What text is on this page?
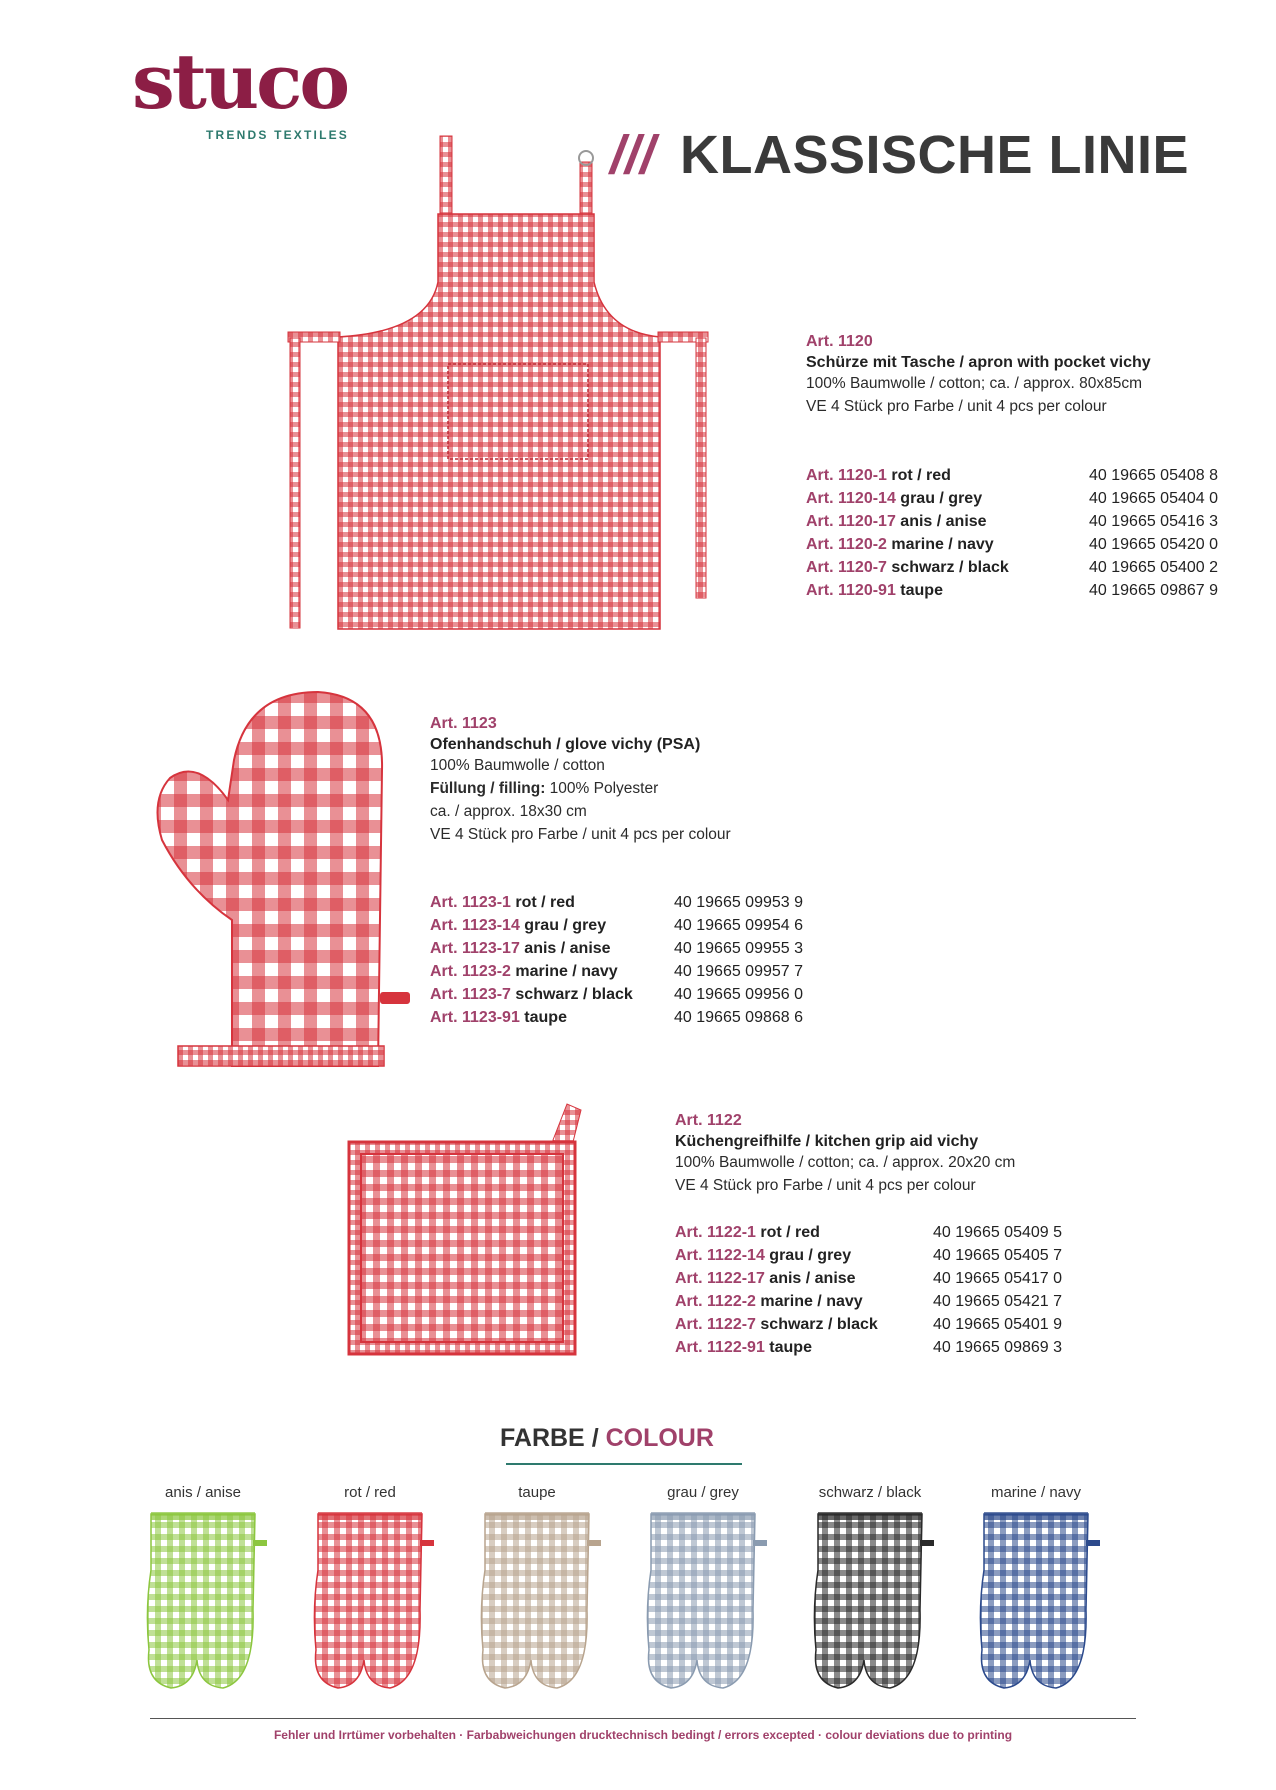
stuco
TRENDS TEXTILES	/// KLASSISCHE LINIE
Art. 1120
Schürze mit Tasche / apron with pocket vichy
100% Baumwolle / cotton; ca. / approx. 80x85cm
VE 4 Stück pro Farbe / unit 4 pcs per colour
Art. 1120-1 rot / red	40 19665 05408 8
Art. 1120-14 grau / grey	40 19665 05404 0
Art. 1120-17 anis / anise	40 19665 05416 3
Art. 1120-2 marine / navy	40 19665 05420 0
Art. 1120-7 schwarz / black	40 19665 05400 2
Art. 1120-91 taupe	40 19665 09867 9
Art. 1123
Ofenhandschuh / glove vichy (PSA)
100% Baumwolle / cotton
Füllung / filling: 100% Polyester
ca. / approx. 18x30 cm
VE 4 Stück pro Farbe / unit 4 pcs per colour
Art. 1123-1 rot / red	40 19665 09953 9
Art. 1123-14 grau / grey	40 19665 09954 6
Art. 1123-17 anis / anise	40 19665 09955 3
Art. 1123-2 marine / navy	40 19665 09957 7
Art. 1123-7 schwarz / black	40 19665 09956 0
Art. 1123-91 taupe	40 19665 09868 6
Art. 1122
Küchengreifhilfe / kitchen grip aid vichy
100% Baumwolle / cotton; ca. / approx. 20x20 cm
VE 4 Stück pro Farbe / unit 4 pcs per colour
Art. 1122-1 rot / red	40 19665 05409 5
Art. 1122-14 grau / grey	40 19665 05405 7
Art. 1122-17 anis / anise	40 19665 05417 0
Art. 1122-2 marine / navy	40 19665 05421 7
Art. 1122-7 schwarz / black	40 19665 05401 9
Art. 1122-91 taupe	40 19665 09869 3
FARBE / COLOUR
anis / anise	rot / red	taupe	grau / grey	schwarz / black	marine / navy
Fehler und Irrtümer vorbehalten · Farbabweichungen drucktechnisch bedingt / errors excepted · colour deviations due to printing
